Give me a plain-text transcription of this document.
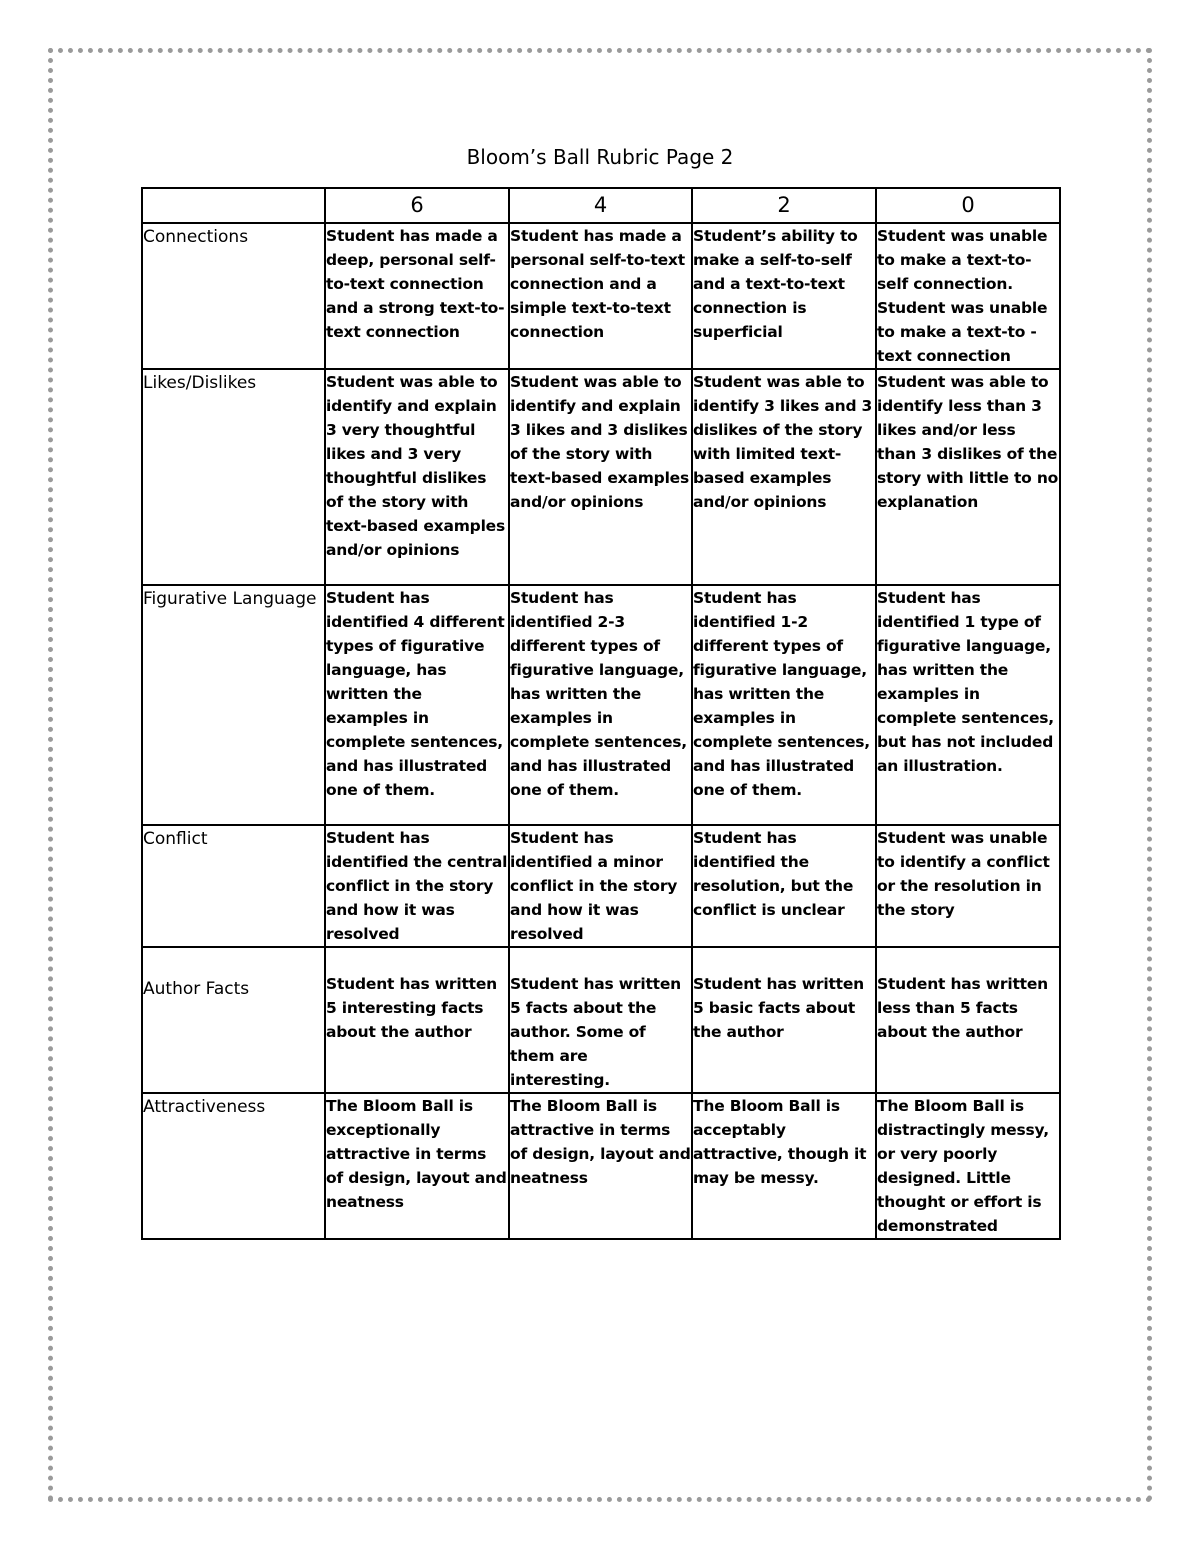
Bloom’s Ball Rubric Page 2
	6	4	2	0
Connections	Student has made a deep, personal self-to-text connection and a strong text-to-text connection	Student has made a personal self-to-text connection and a simple text-to-text connection	Student’s ability to make a self-to-self and a text-to-text connection is superficial	Student was unable to make a text-to-self connection. Student was unable to make a text-to -text connection
Likes/Dislikes	Student was able to identify and explain 3 very thoughtful likes and 3 very thoughtful dislikes of the story with text-based examples and/or opinions	Student was able to identify and explain 3 likes and 3 dislikes of the story with text-based examples and/or opinions	Student was able to identify 3 likes and 3 dislikes of the story with limited text-based examples and/or opinions	Student was able to identify less than 3 likes and/or less than 3 dislikes of the story with little to no explanation
Figurative Language	Student has identified 4 different types of figurative language, has written the examples in complete sentences, and has illustrated one of them.	Student has identified 2-3 different types of figurative language, has written the examples in complete sentences, and has illustrated one of them.	Student has identified 1-2 different types of figurative language, has written the examples in complete sentences, and has illustrated one of them.	Student has identified 1 type of figurative language, has written the examples in complete sentences, but has not included an illustration.
Conflict	Student has identified the central conflict in the story and how it was resolved	Student has identified a minor conflict in the story and how it was resolved	Student has identified the resolution, but the conflict is unclear	Student was unable to identify a conflict or the resolution in the story
Author Facts	Student has written 5 interesting facts about the author	Student has written 5 facts about the author. Some of them are interesting.	Student has written 5 basic facts about the author	Student has written less than 5 facts about the author
Attractiveness	The Bloom Ball is exceptionally attractive in terms of design, layout and neatness	The Bloom Ball is attractive in terms of design, layout and neatness	The Bloom Ball is acceptably attractive, though it may be messy.	The Bloom Ball is distractingly messy, or very poorly designed. Little thought or effort is demonstrated
